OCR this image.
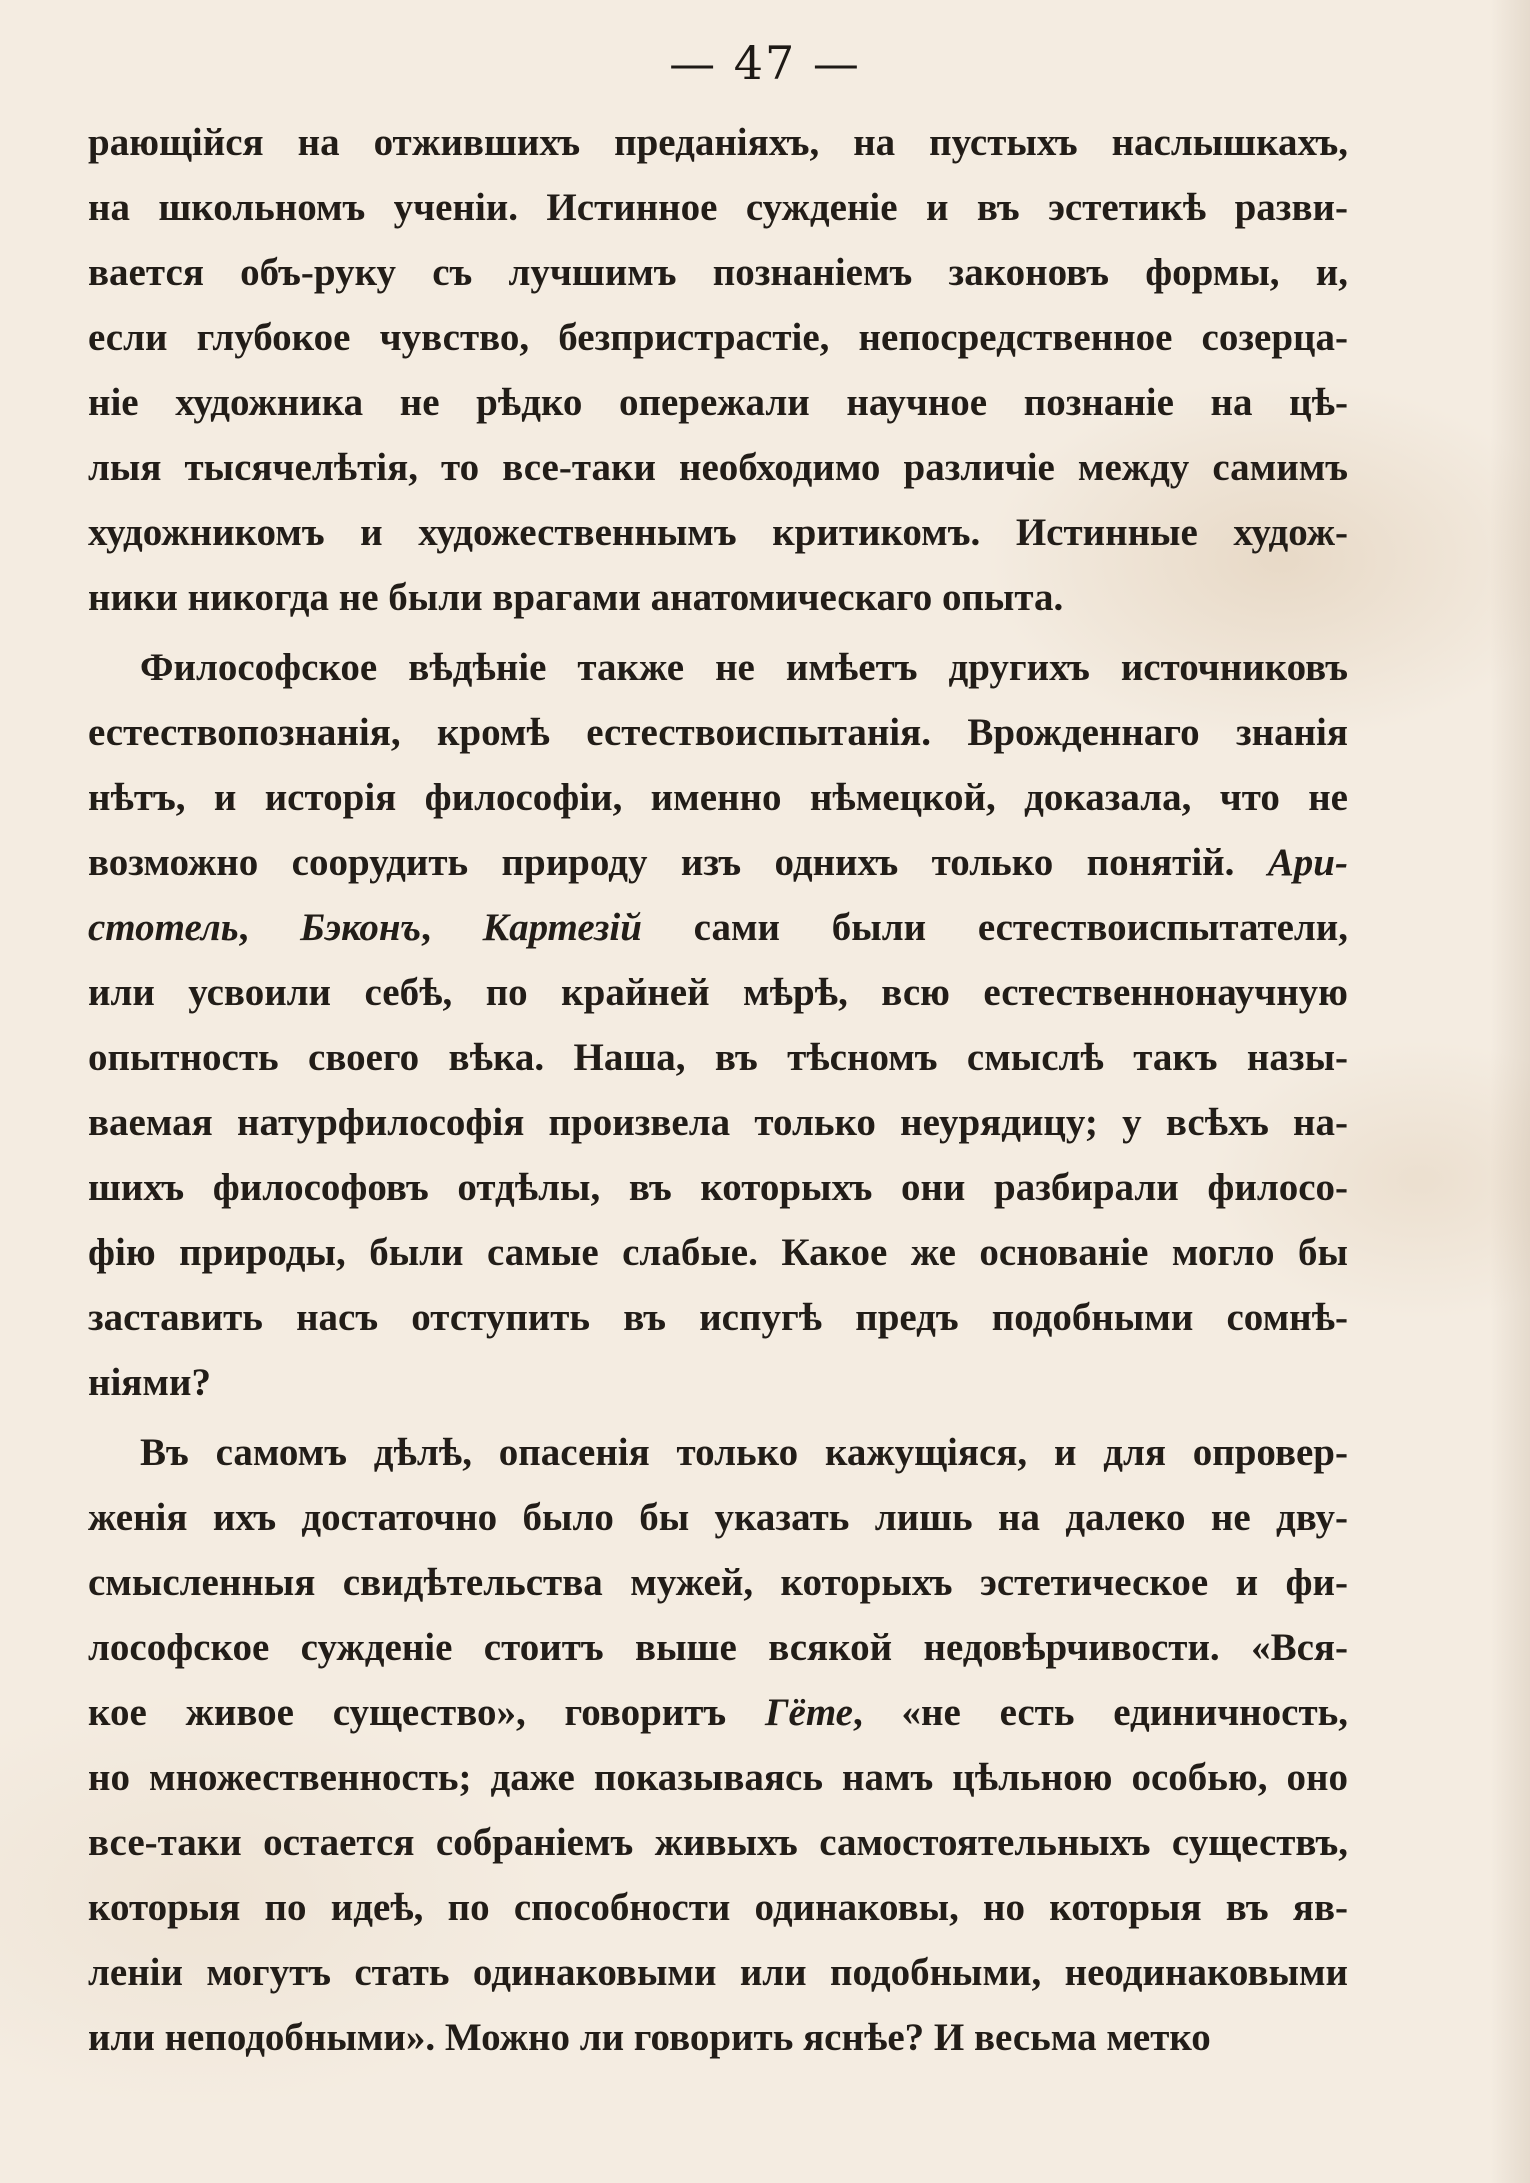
— 47 —
рающійся на отжившихъ преданіяхъ, на пустыхъ наслышкахъ,
на школьномъ ученіи. Истинное сужденіе и въ эстетикѣ разви-
вается объ-руку съ лучшимъ познаніемъ законовъ формы, и,
если глубокое чувство, безпристрастіе, непосредственное созерца-
ніе художника не рѣдко опережали научное познаніе на цѣ-
лыя тысячелѣтія, то все-таки необходимо различіе между самимъ
художникомъ и художественнымъ критикомъ. Истинные худож-
ники никогда не были врагами анатомическаго опыта.
Философское вѣдѣніе также не имѣетъ другихъ источниковъ
естествопознанія, кромѣ естествоиспытанія. Врожденнаго знанія
нѣтъ, и исторія философіи, именно нѣмецкой, доказала, что не
возможно соорудить природу изъ однихъ только понятій. Ари-
стотель, Бэконъ, Картезій сами были естествоиспытатели,
или усвоили себѣ, по крайней мѣрѣ, всю естественнонаучную
опытность своего вѣка. Наша, въ тѣсномъ смыслѣ такъ назы-
ваемая натурфилософія произвела только неурядицу; у всѣхъ на-
шихъ философовъ отдѣлы, въ которыхъ они разбирали филосо-
фію природы, были самые слабые. Какое же основаніе могло бы
заставить насъ отступить въ испугѣ предъ подобными сомнѣ-
ніями?
Въ самомъ дѣлѣ, опасенія только кажущіяся, и для опровер-
женія ихъ достаточно было бы указать лишь на далеко не дву-
смысленныя свидѣтельства мужей, которыхъ эстетическое и фи-
лософское сужденіе стоитъ выше всякой недовѣрчивости. «Вся-
кое живое существо», говоритъ Гёте, «не есть единичность,
но множественность; даже показываясь намъ цѣльною особью, оно
все-таки остается собраніемъ живыхъ самостоятельныхъ существъ,
которыя по идеѣ, по способности одинаковы, но которыя въ яв-
леніи могутъ стать одинаковыми или подобными, неодинаковыми
или неподобными». Можно ли говорить яснѣе? И весьма метко
